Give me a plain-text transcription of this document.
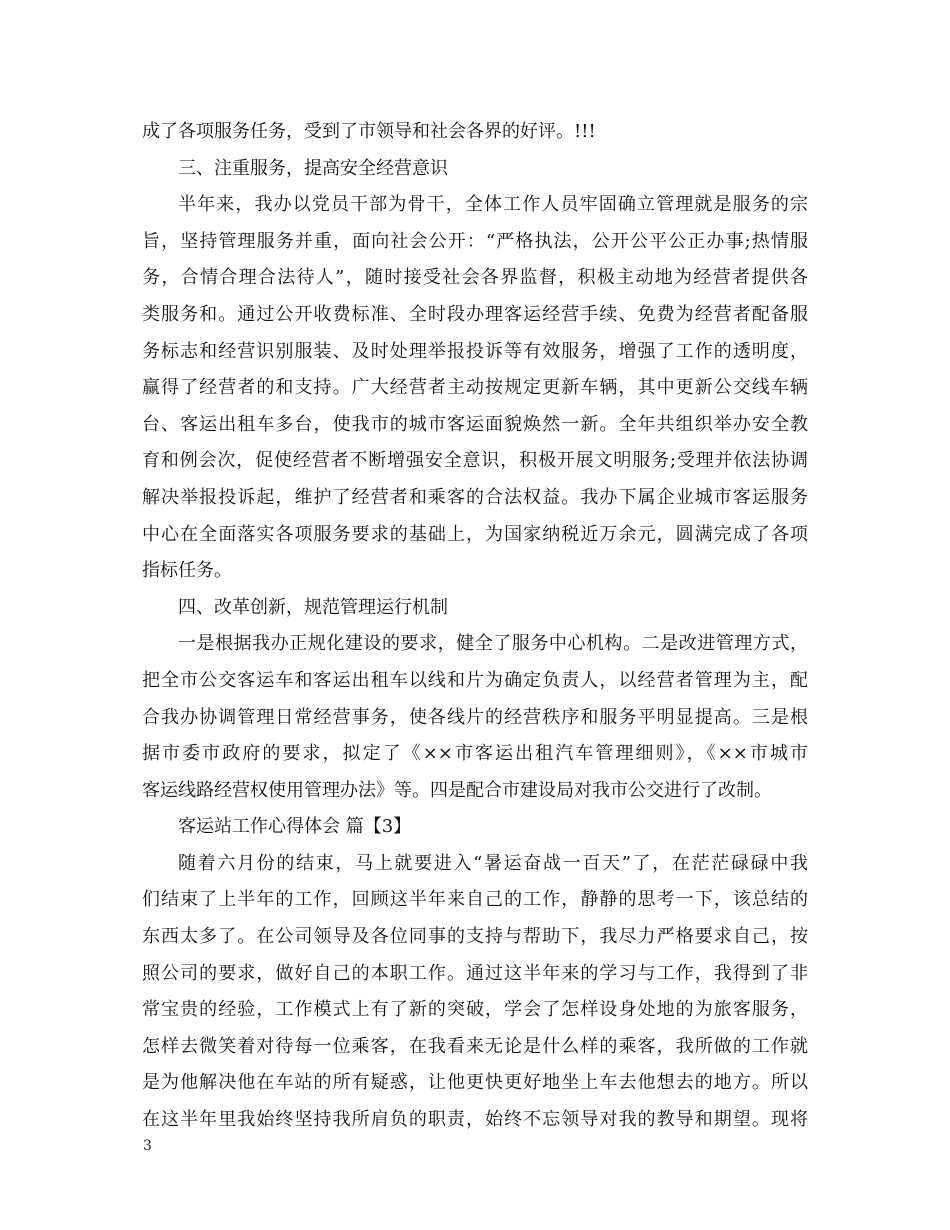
成了各项服务任务，受到了市领导和社会各界的好评。!!!
三、注重服务，提高安全经营意识
半年来，我办以党员干部为骨干，全体工作人员牢固确立管理就是服务的宗
旨，坚持管理服务并重，面向社会公开：“严格执法，公开公平公正办事;热情服
务，合情合理合法待人”，随时接受社会各界监督，积极主动地为经营者提供各
类服务和。通过公开收费标准、全时段办理客运经营手续、免费为经营者配备服
务标志和经营识别服装、及时处理举报投诉等有效服务，增强了工作的透明度，
赢得了经营者的和支持。广大经营者主动按规定更新车辆，其中更新公交线车辆
台、客运出租车多台，使我市的城市客运面貌焕然一新。全年共组织举办安全教
育和例会次，促使经营者不断增强安全意识，积极开展文明服务;受理并依法协调
解决举报投诉起，维护了经营者和乘客的合法权益。我办下属企业城市客运服务
中心在全面落实各项服务要求的基础上，为国家纳税近万余元，圆满完成了各项
指标任务。
四、改革创新，规范管理运行机制
一是根据我办正规化建设的要求，健全了服务中心机构。二是改进管理方式，
把全市公交客运车和客运出租车以线和片为确定负责人，以经营者管理为主，配
合我办协调管理日常经营事务，使各线片的经营秩序和服务平明显提高。三是根
据市委市政府的要求，拟定了《××市客运出租汽车管理细则》，《××市城市
客运线路经营权使用管理办法》等。四是配合市建设局对我市公交进行了改制。
客运站工作心得体会 篇【3】
随着六月份的结束，马上就要进入“暑运奋战一百天”了，在茫茫碌碌中我
们结束了上半年的工作，回顾这半年来自己的工作，静静的思考一下，该总结的
东西太多了。在公司领导及各位同事的支持与帮助下，我尽力严格要求自己，按
照公司的要求，做好自己的本职工作。通过这半年来的学习与工作，我得到了非
常宝贵的经验，工作模式上有了新的突破，学会了怎样设身处地的为旅客服务，
怎样去微笑着对待每一位乘客，在我看来无论是什么样的乘客，我所做的工作就
是为他解决他在车站的所有疑惑，让他更快更好地坐上车去他想去的地方。所以
在这半年里我始终坚持我所肩负的职责，始终不忘领导对我的教导和期望。现将
3
